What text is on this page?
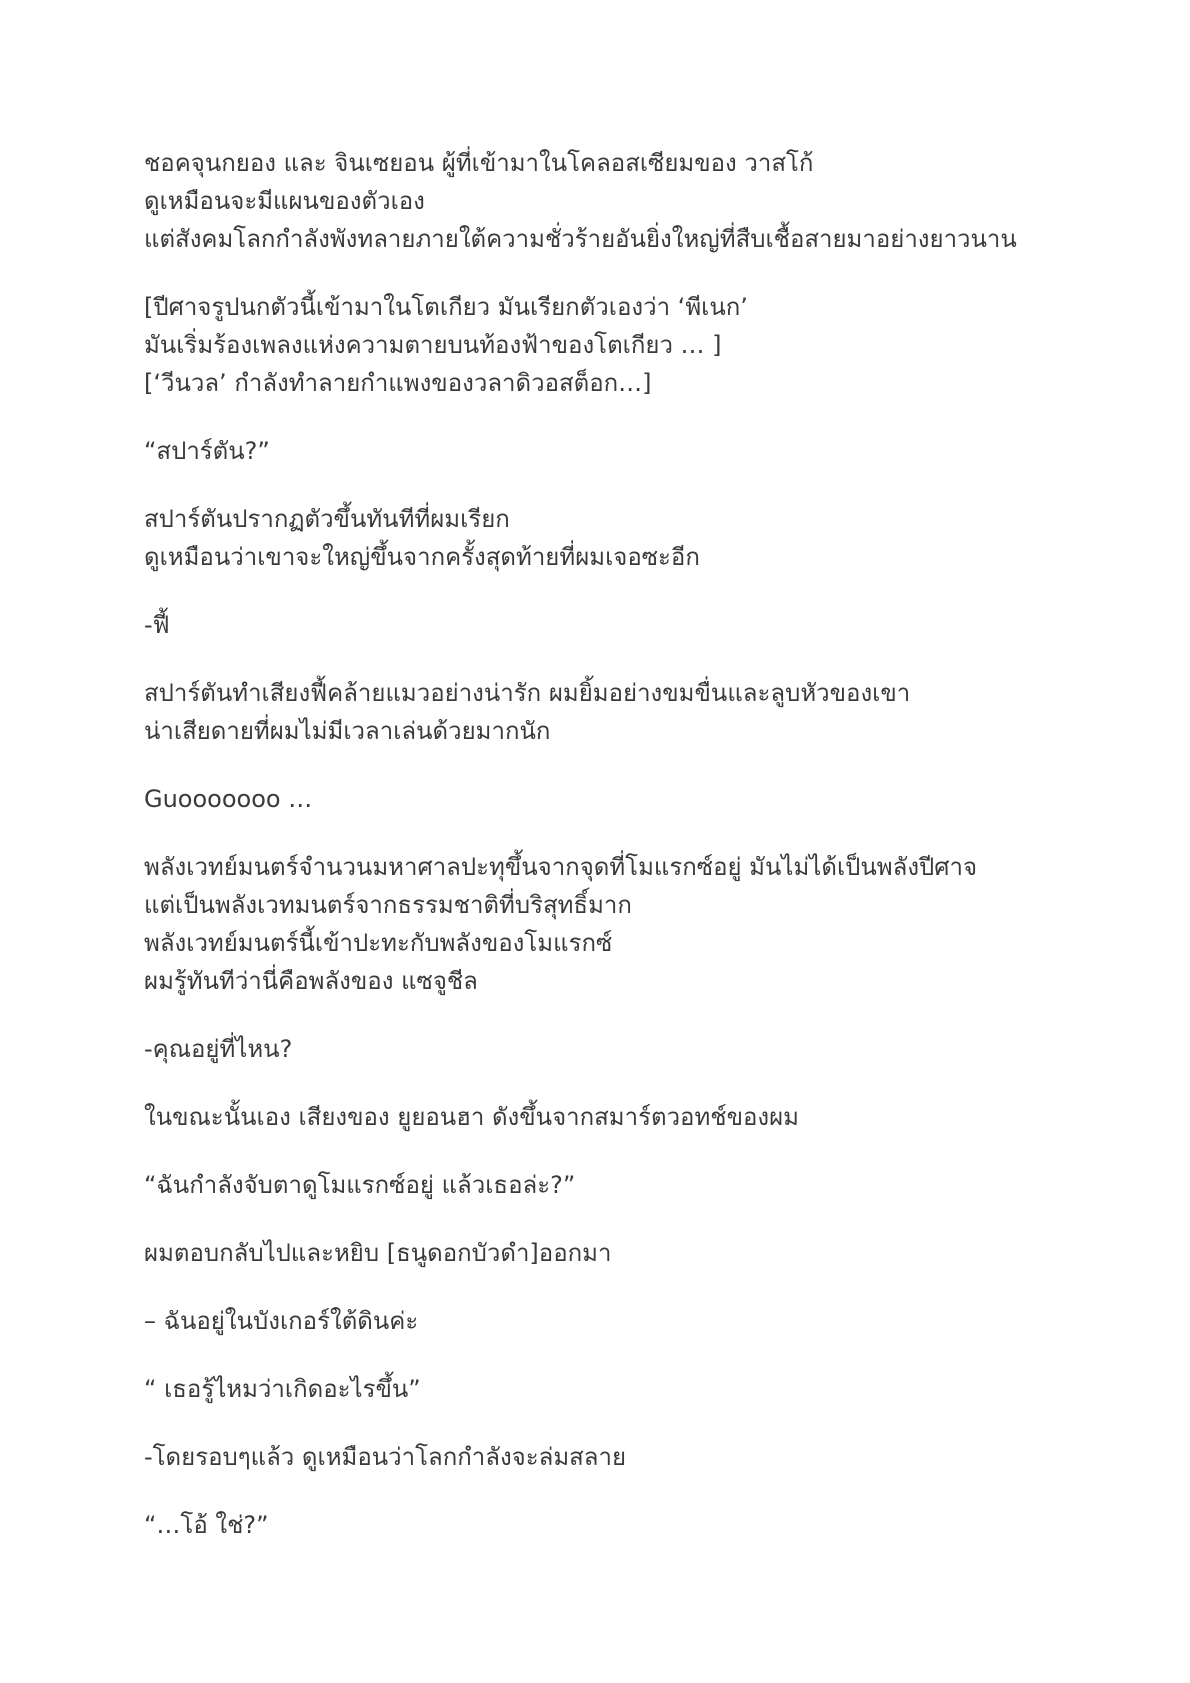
ชอคจุนกยอง และ จินเซยอน ผู้ที่เข้ามาในโคลอสเซียมของ วาสโก้
ดูเหมือนจะมีแผนของตัวเอง
แต่สังคมโลกกำลังพังทลายภายใต้ความชั่วร้ายอันยิ่งใหญ่ที่สืบเชื้อสายมาอย่างยาวนาน

[ปีศาจรูปนกตัวนี้เข้ามาในโตเกียว มันเรียกตัวเองว่า ‘พีเนก’
มันเริ่มร้องเพลงแห่งความตายบนท้องฟ้าของโตเกียว … ]
[‘วีนวล’ กำลังทำลายกำแพงของวลาดิวอสต็อก…]

“สปาร์ตัน?”

สปาร์ตันปรากฏตัวขึ้นทันทีที่ผมเรียก
ดูเหมือนว่าเขาจะใหญ่ขึ้นจากครั้งสุดท้ายที่ผมเจอซะอีก

-ฟี้

สปาร์ตันทำเสียงฟี้คล้ายแมวอย่างน่ารัก ผมยิ้มอย่างขมขื่นและลูบหัวของเขา
น่าเสียดายที่ผมไม่มีเวลาเล่นด้วยมากนัก

Guooooooo …

พลังเวทย์มนตร์จำนวนมหาศาลปะทุขึ้นจากจุดที่โมแรกซ์อยู่ มันไม่ได้เป็นพลังปีศาจ
แต่เป็นพลังเวทมนตร์จากธรรมชาติที่บริสุทธิ์มาก
พลังเวทย์มนตร์นี้เข้าปะทะกับพลังของโมแรกซ์
ผมรู้ทันทีว่านี่คือพลังของ แซจูชีล

-คุณอยู่ที่ไหน?

ในขณะนั้นเอง เสียงของ ยูยอนฮา ดังขึ้นจากสมาร์ตวอทช์ของผม

“ฉันกำลังจับตาดูโมแรกซ์อยู่ แล้วเธอล่ะ?”

ผมตอบกลับไปและหยิบ [ธนูดอกบัวดำ]ออกมา

– ฉันอยู่ในบังเกอร์ใต้ดินค่ะ

“ เธอรู้ไหมว่าเกิดอะไรขึ้น”

-โดยรอบๆแล้ว ดูเหมือนว่าโลกกำลังจะล่มสลาย

“…โอ้ ใช่?”
